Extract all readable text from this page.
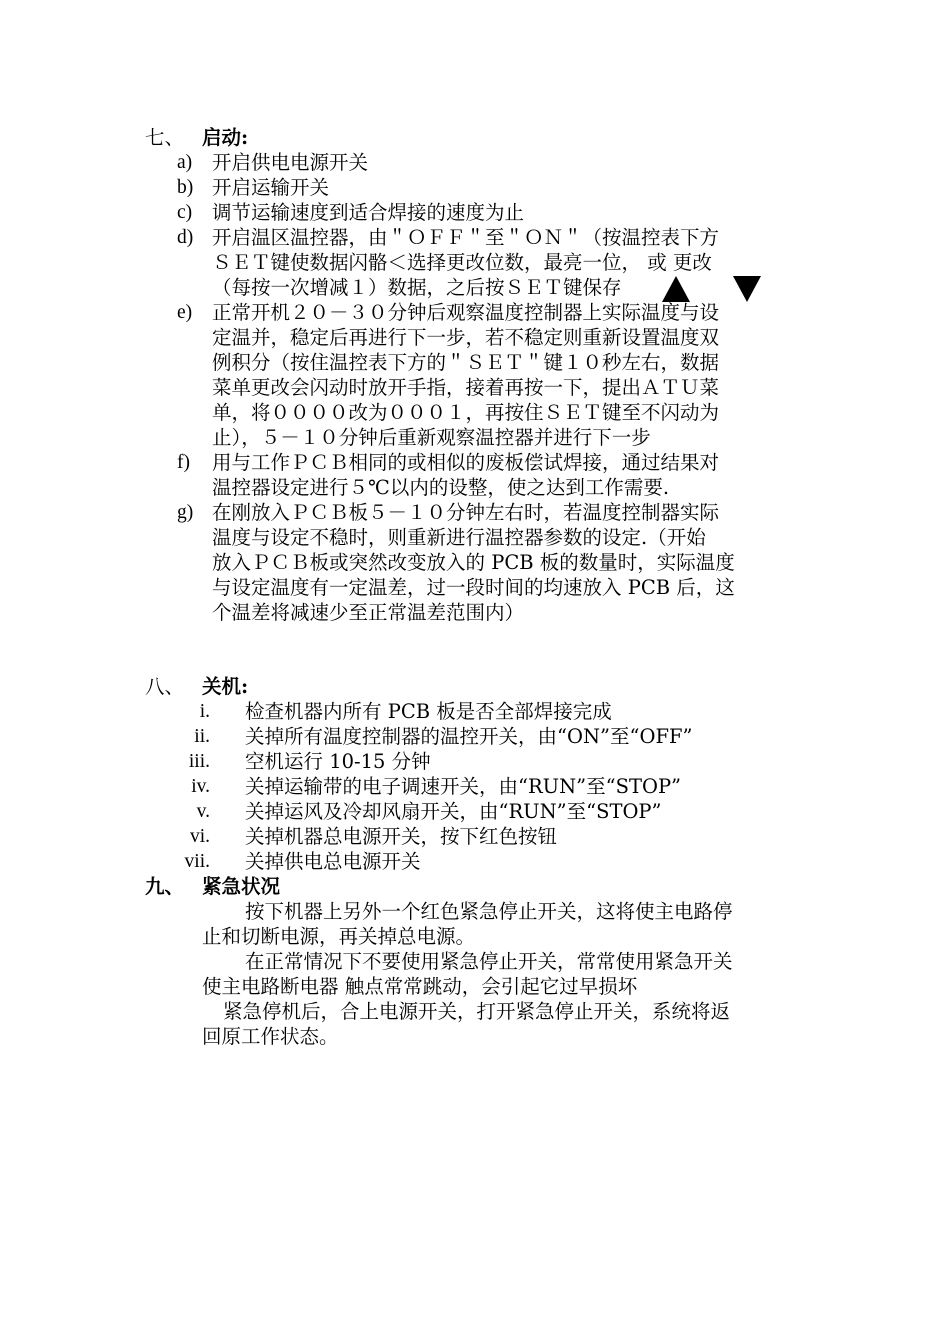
七、 启动:
a) 开启供电电源开关
b) 开启运输开关
c) 调节运输速度到适合焊接的速度为止
d) 开启温区温控器，由＂ＯＦＦ＂至＂ＯＮ＂（按温控表下方
ＳＥＴ键使数据闪骼＜选择更改位数，最亮一位， 或 更改
（每按一次增减１）数据，之后按ＳＥＴ键保存
e) 正常开机２０－３０分钟后观察温度控制器上实际温度与设
定温并，稳定后再进行下一步，若不稳定则重新设置温度双
例积分（按住温控表下方的＂ＳＥＴ＂键１０秒左右，数据
菜单更改会闪动时放开手指，接着再按一下，提出ＡＴＵ菜
单，将００００改为０００１，再按住ＳＥＴ键至不闪动为
止），５－１０分钟后重新观察温控器并进行下一步
f) 用与工作ＰＣＢ相同的或相似的废板偿试焊接，通过结果对
温控器设定进行５℃以内的设整，使之达到工作需要.
g) 在刚放入ＰＣＢ板５－１０分钟左右时，若温度控制器实际
温度与设定不稳时，则重新进行温控器参数的设定.（开始
放入ＰＣＢ板或突然改变放入的 PCB 板的数量时，实际温度
与设定温度有一定温差，过一段时间的均速放入 PCB 后，这
个温差将减速少至正常温差范围内）
八、 关机:
i. 检查机器内所有 PCB 板是否全部焊接完成
ii. 关掉所有温度控制器的温控开关，由“ON”至“OFF”
iii. 空机运行 10-15 分钟
iv. 关掉运输带的电子调速开关，由“RUN”至“STOP”
v. 关掉运风及冷却风扇开关，由“RUN”至“STOP”
vi. 关掉机器总电源开关，按下红色按钮
vii. 关掉供电总电源开关
九、 紧急状况
按下机器上另外一个红色紧急停止开关，这将使主电路停
止和切断电源，再关掉总电源。
在正常情况下不要使用紧急停止开关，常常使用紧急开关
使主电路断电器 触点常常跳动，会引起它过早损坏
紧急停机后，合上电源开关，打开紧急停止开关，系统将返
回原工作状态。
